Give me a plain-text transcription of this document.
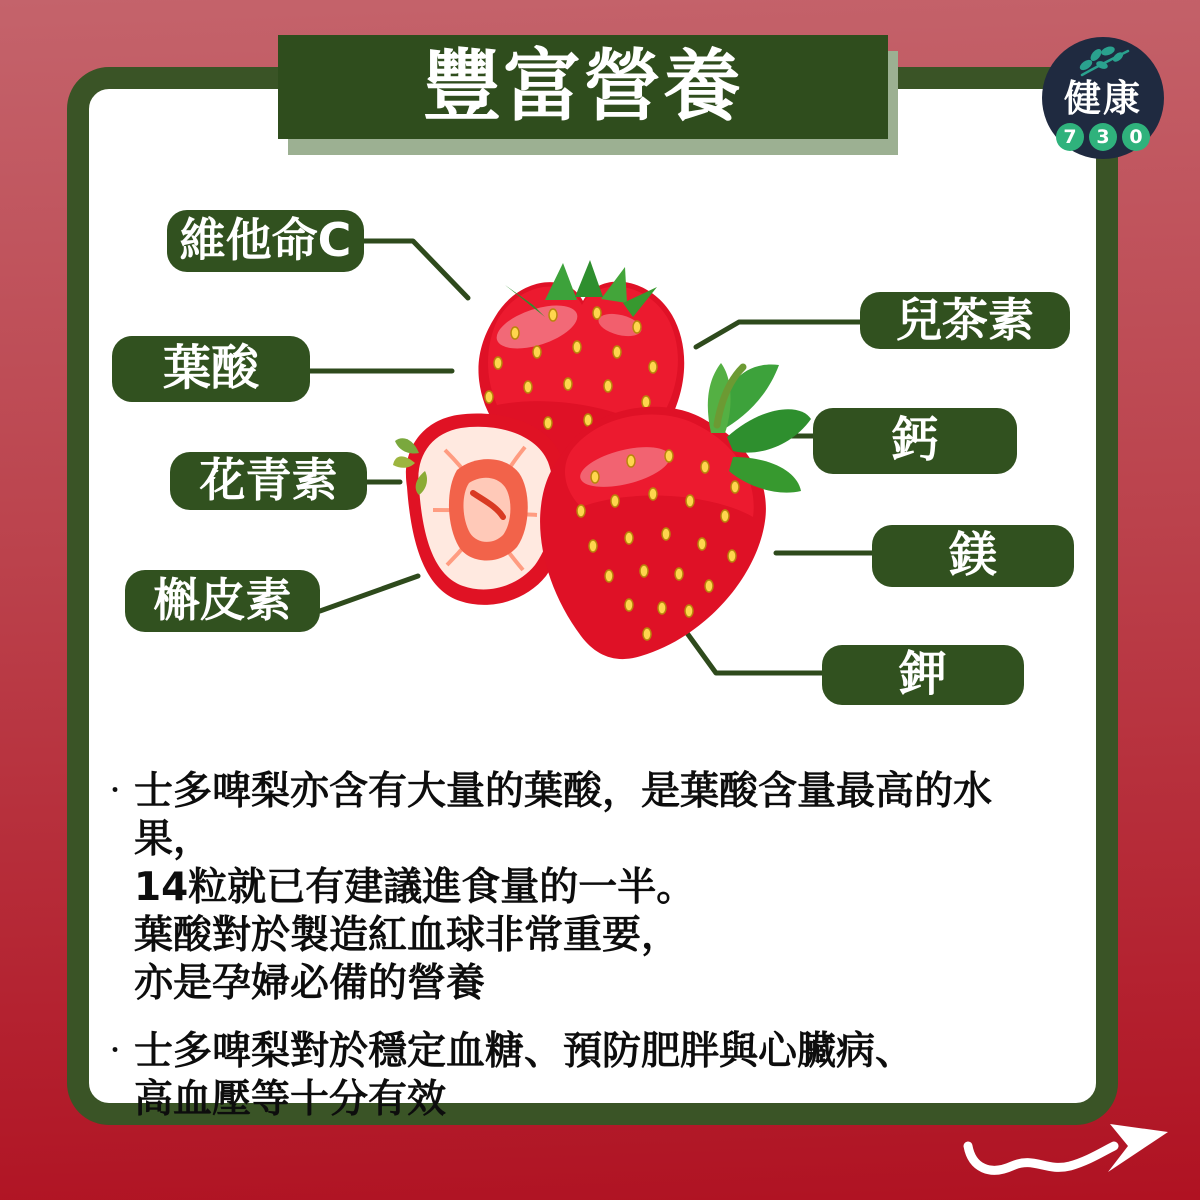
豐富營養	健康
7	3	0
維他命C
葉酸
花青素
槲皮素
兒茶素
鈣
鎂
鉀
・ 士多啤梨亦含有大量的葉酸，是葉酸含量最高的水果，
14粒就已有建議進食量的一半。
葉酸對於製造紅血球非常重要，
亦是孕婦必備的營養
・ 士多啤梨對於穩定血糖、預防肥胖與心臟病、
高血壓等十分有效
